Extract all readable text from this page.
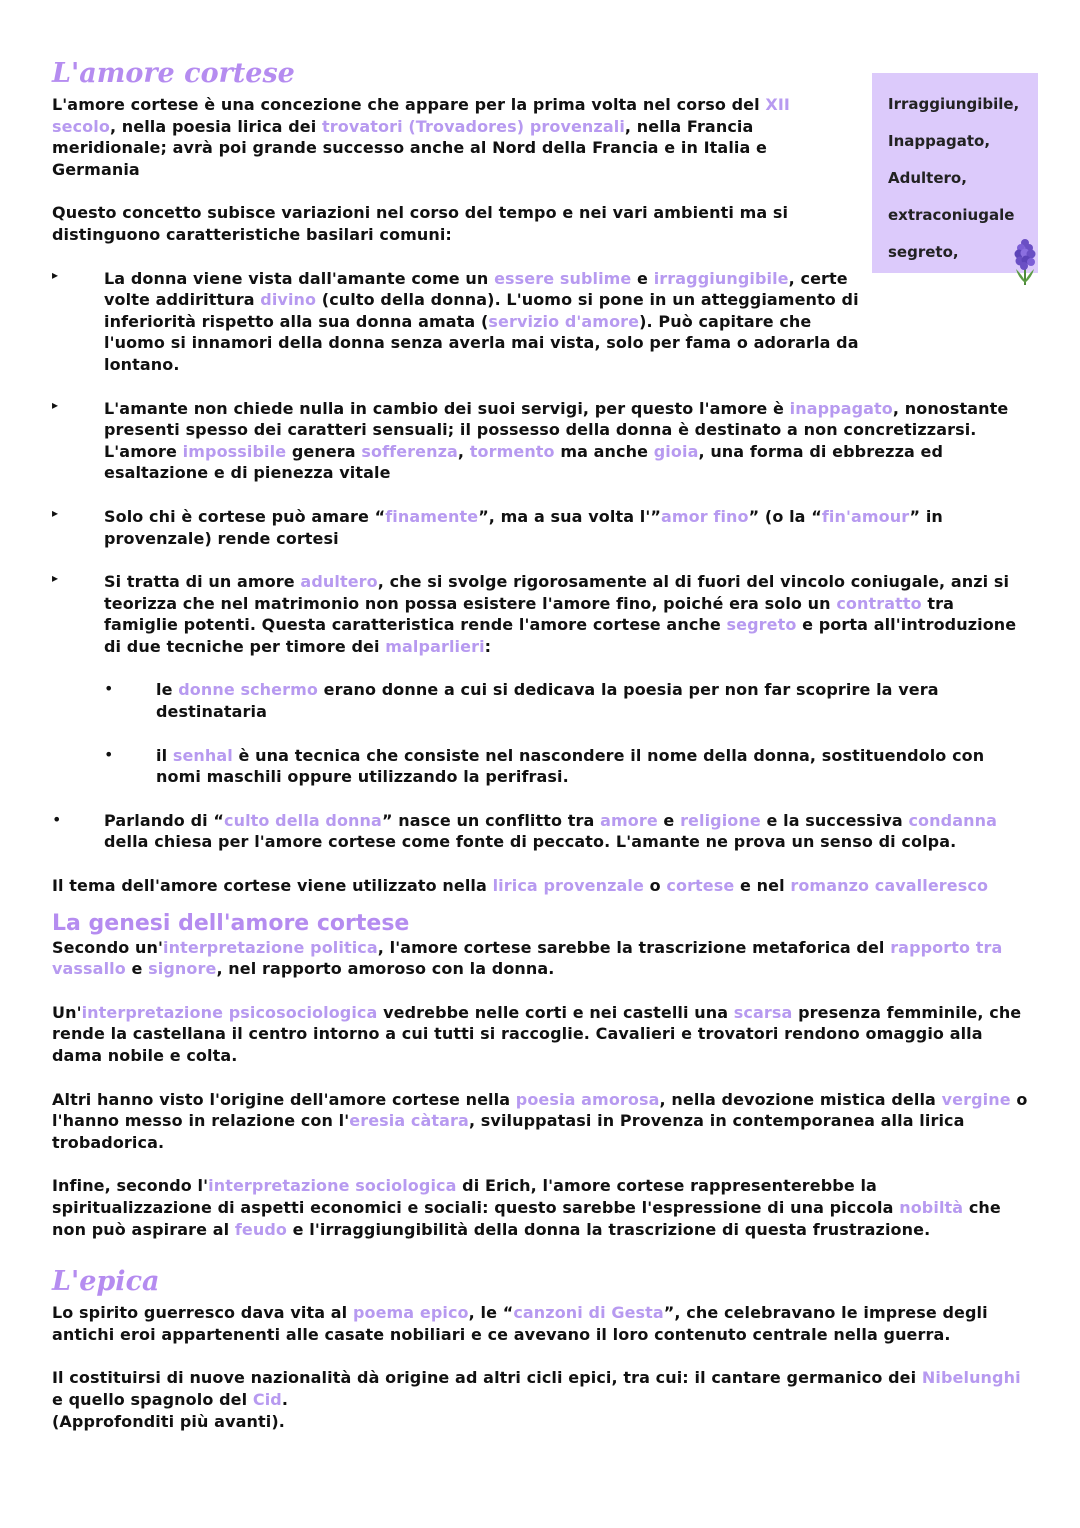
L'amore cortese

L'amore cortese è una concezione che appare per la prima volta nel corso del XII secolo, nella poesia lirica dei trovatori (Trovadores) provenzali, nella Francia meridionale; avrà poi grande successo anche al Nord della Francia e in Italia e Germania

Questo concetto subisce variazioni nel corso del tempo e nei vari ambienti ma si distinguono caratteristiche basilari comuni:

▸	La donna viene vista dall'amante come un essere sublime e irraggiungibile, certe volte addirittura divino (culto della donna). L'uomo si pone in un atteggiamento di inferiorità rispetto alla sua donna amata (servizio d'amore). Può capitare che l'uomo si innamori della donna senza averla mai vista, solo per fama o adorarla da lontano.

▸	L'amante non chiede nulla in cambio dei suoi servigi, per questo l'amore è inappagato, nonostante presenti spesso dei caratteri sensuali; il possesso della donna è destinato a non concretizzarsi. L'amore impossibile genera sofferenza, tormento ma anche gioia, una forma di ebbrezza ed esaltazione e di pienezza vitale

▸	Solo chi è cortese può amare “finamente”, ma a sua volta l'”amor fino” (o la “fin'amour” in provenzale) rende cortesi

▸	Si tratta di un amore adultero, che si svolge rigorosamente al di fuori del vincolo coniugale, anzi si teorizza che nel matrimonio non possa esistere l'amore fino, poiché era solo un contratto tra famiglie potenti. Questa caratteristica rende l'amore cortese anche segreto e porta all'introduzione di due tecniche per timore dei malparlieri:

•	le donne schermo erano donne a cui si dedicava la poesia per non far scoprire la vera destinataria

•	il senhal è una tecnica che consiste nel nascondere il nome della donna, sostituendolo con nomi maschili oppure utilizzando la perifrasi.

•	Parlando di “culto della donna” nasce un conflitto tra amore e religione e la successiva condanna della chiesa per l'amore cortese come fonte di peccato. L'amante ne prova un senso di colpa.

Il tema dell'amore cortese viene utilizzato nella lirica provenzale o cortese e nel romanzo cavalleresco

La genesi dell'amore cortese

Secondo un'interpretazione politica, l'amore cortese sarebbe la trascrizione metaforica del rapporto tra vassallo e signore, nel rapporto amoroso con la donna.

Un'interpretazione psicosociologica vedrebbe nelle corti e nei castelli una scarsa presenza femminile, che rende la castellana il centro intorno a cui tutti si raccoglie. Cavalieri e trovatori rendono omaggio alla dama nobile e colta.

Altri hanno visto l'origine dell'amore cortese nella poesia amorosa, nella devozione mistica della vergine o l'hanno messo in relazione con l'eresia càtara, sviluppatasi in Provenza in contemporanea alla lirica trobadorica.

Infine, secondo l'interpretazione sociologica di Erich, l'amore cortese rappresenterebbe la spiritualizzazione di aspetti economici e sociali: questo sarebbe l'espressione di una piccola nobiltà che non può aspirare al feudo e l'irraggiungibilità della donna la trascrizione di questa frustrazione.

L'epica

Lo spirito guerresco dava vita al poema epico, le “canzoni di Gesta”, che celebravano le imprese degli antichi eroi appartenenti alle casate nobiliari e ce avevano il loro contenuto centrale nella guerra.

Il costituirsi di nuove nazionalità dà origine ad altri cicli epici, tra cui: il cantare germanico dei Nibelunghi e quello spagnolo del Cid.

(Approfonditi più avanti).

Irraggiungibile,
Inappagato,
Adultero,
extraconiugale
segreto,
